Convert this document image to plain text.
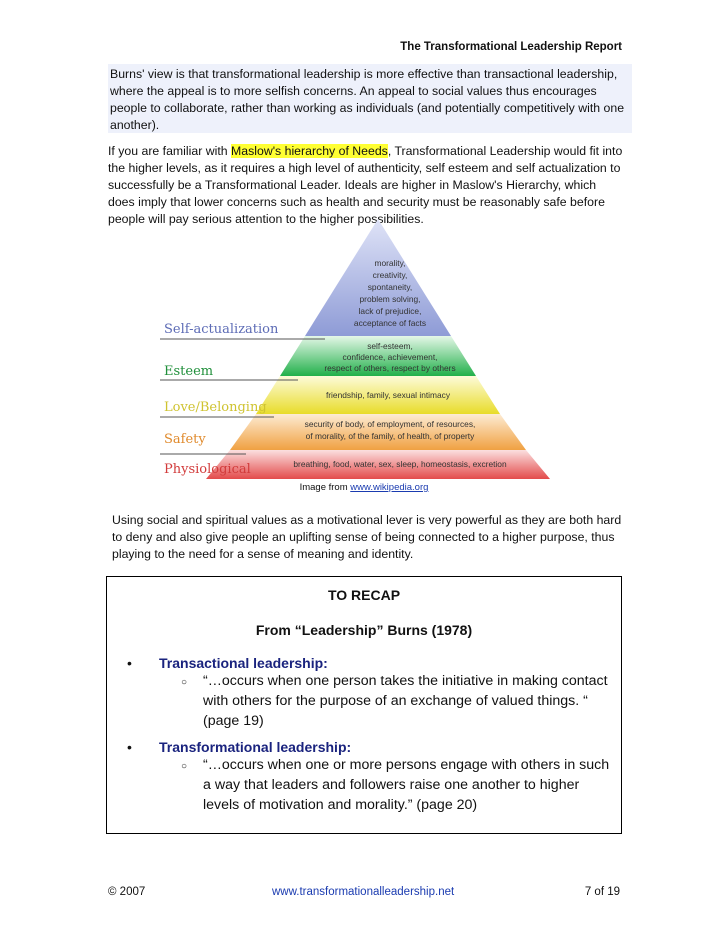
The Transformational Leadership Report
Burns' view is that transformational leadership is more effective than transactional leadership, where the appeal is to more selfish concerns. An appeal to social values thus encourages people to collaborate, rather than working as individuals (and potentially competitively with one another).
If you are familiar with Maslow's hierarchy of Needs, Transformational Leadership would fit into the higher levels, as it requires a high level of authenticity, self esteem and self actualization to successfully be a Transformational Leader. Ideals are higher in Maslow's Hierarchy, which does imply that lower concerns such as health and security must be reasonably safe before people will pay serious attention to the higher possibilities.
Self-actualization
Esteem
Love/Belonging
Safety
Physiological
morality,
creativity,
spontaneity,
problem solving,
lack of prejudice,
acceptance of facts
self-esteem,
confidence, achievement,
respect of others, respect by others
friendship, family, sexual intimacy
security of body, of employment, of resources,
of morality, of the family, of health, of property
breathing, food, water, sex, sleep, homeostasis, excretion
Image from www.wikipedia.org
Using social and spiritual values as a motivational lever is very powerful as they are both hard to deny and also give people an uplifting sense of being connected to a higher purpose, thus playing to the need for a sense of meaning and identity.
TO RECAP
From “Leadership” Burns (1978)
• Transactional leadership:
○ “…occurs when one person takes the initiative in making contact with others for the purpose of an exchange of valued things. “ (page 19)
• Transformational leadership:
○ “…occurs when one or more persons engage with others in such a way that leaders and followers raise one another to higher levels of motivation and morality.” (page 20)
© 2007	www.transformationalleadership.net	7 of 19
